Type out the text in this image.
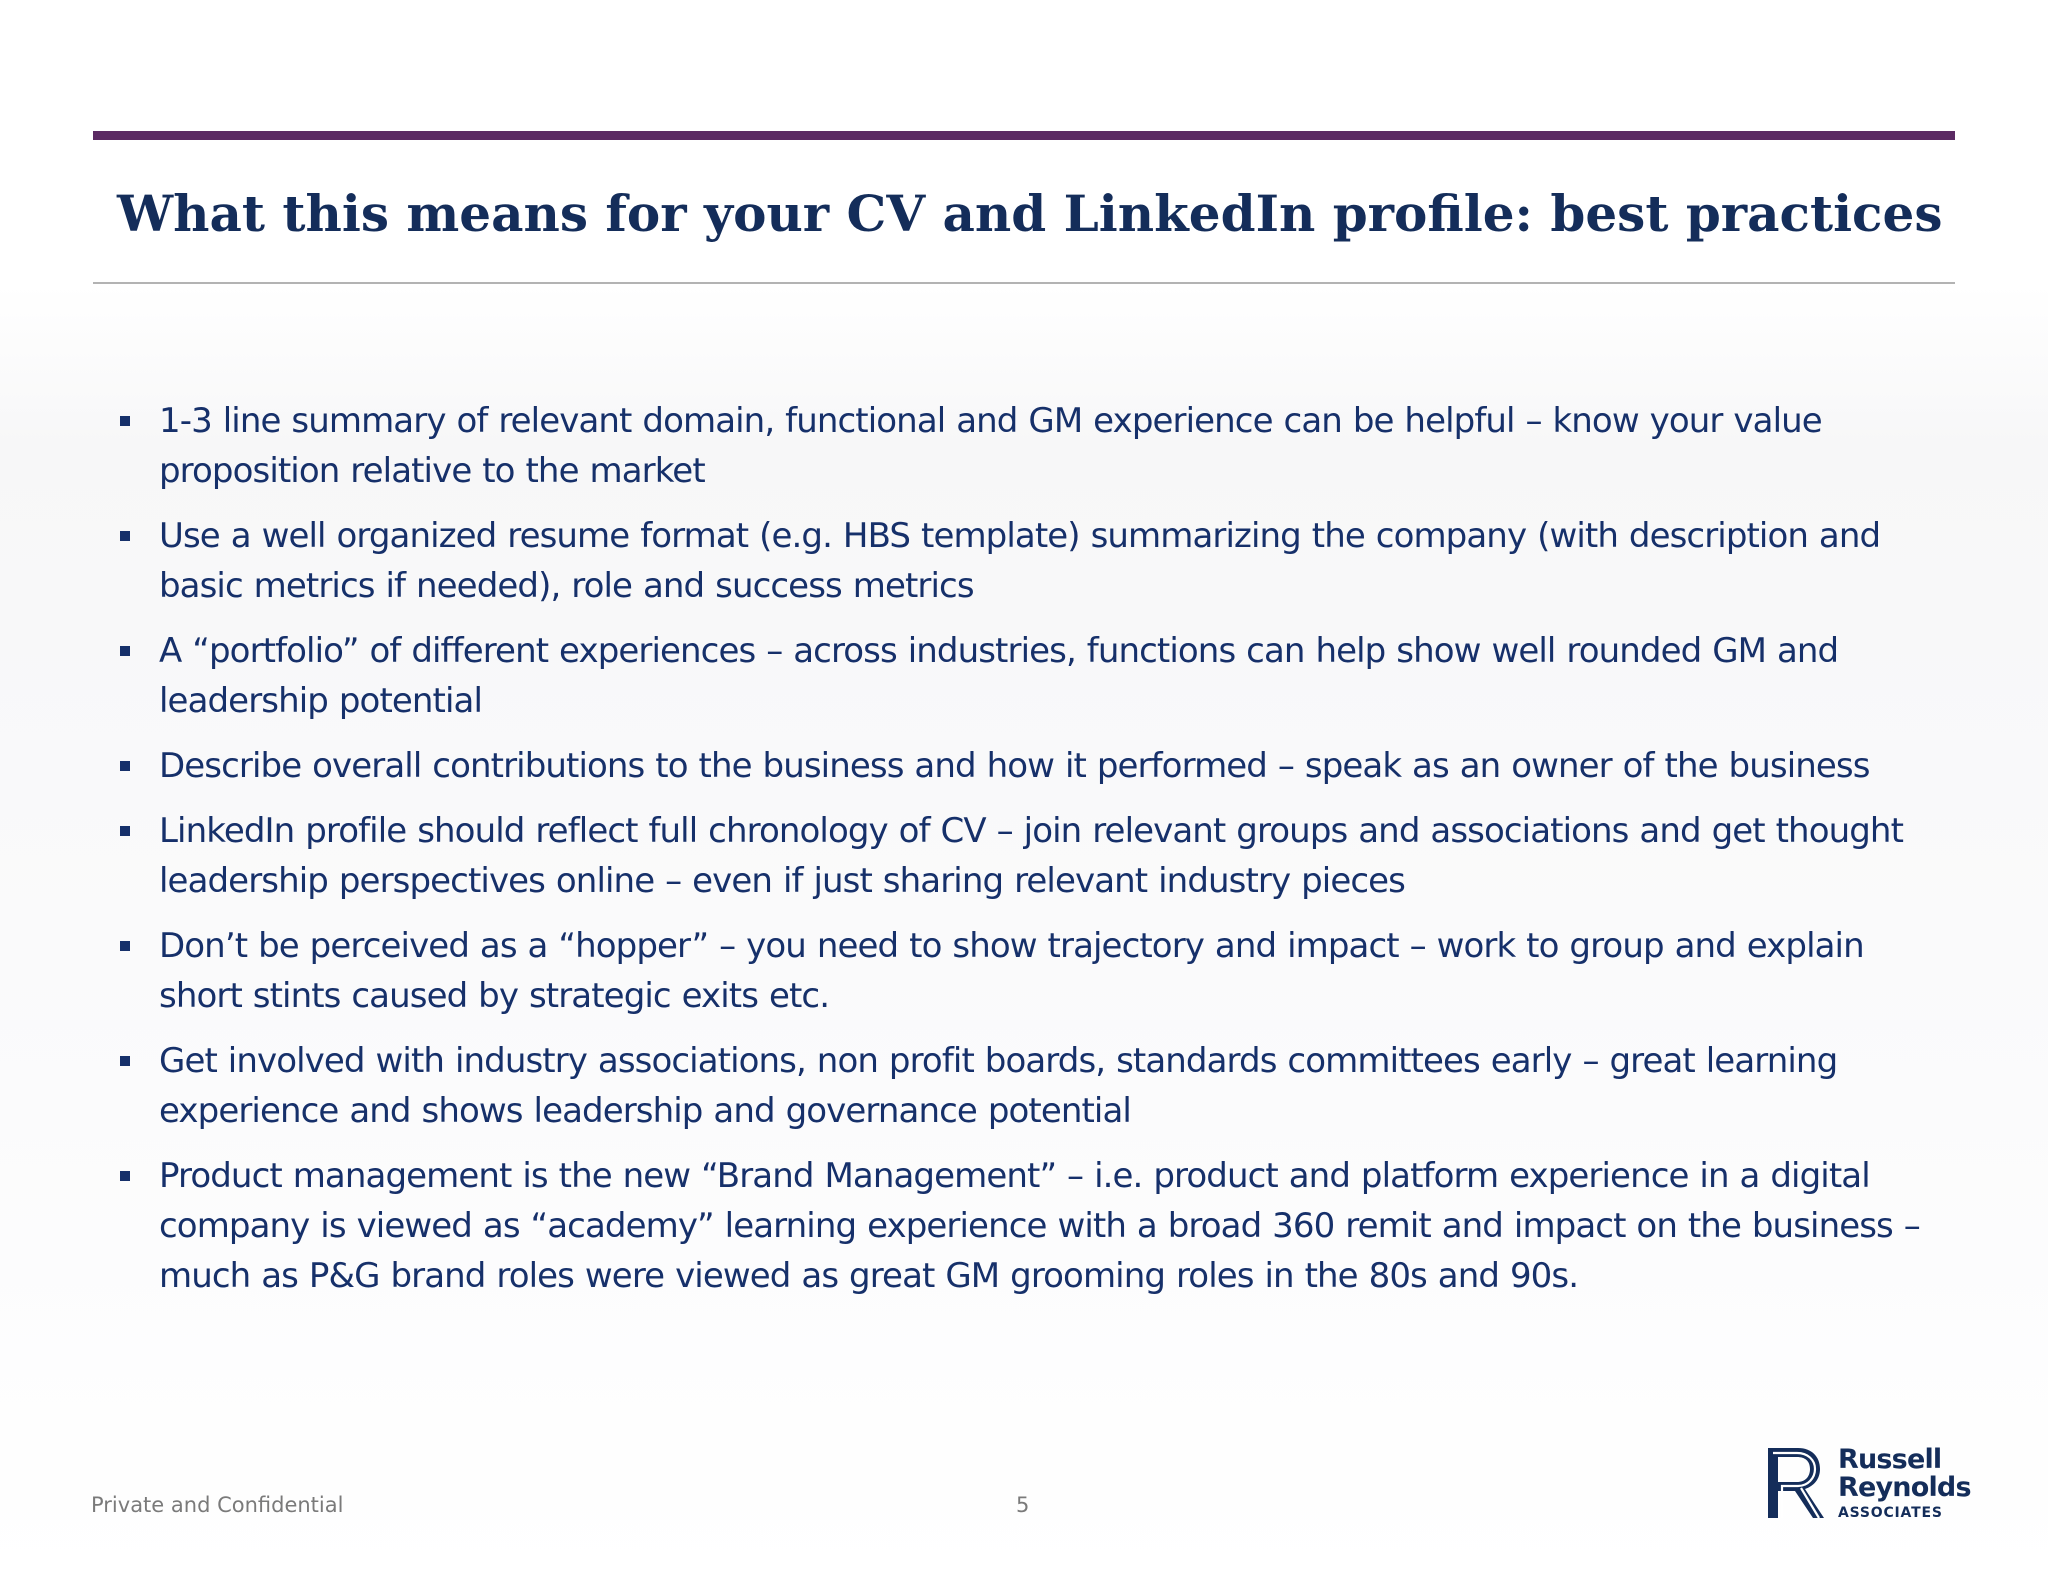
What this means for your CV and LinkedIn profile: best practices
1-3 line summary of relevant domain, functional and GM experience can be helpful – know your value proposition relative to the market
Use a well organized resume format (e.g. HBS template) summarizing the company (with description and basic metrics if needed), role and success metrics
A “portfolio” of different experiences – across industries, functions can help show well rounded GM and leadership potential
Describe overall contributions to the business and how it performed – speak as an owner of the business
LinkedIn profile should reflect full chronology of CV – join relevant groups and associations and get thought leadership perspectives online – even if just sharing relevant industry pieces
Don’t be perceived as a “hopper” – you need to show trajectory and impact – work to group and explain short stints caused by strategic exits etc.
Get involved with industry associations, non profit boards, standards committees early – great learning experience and shows leadership and governance potential
Product management is the new “Brand Management” – i.e. product and platform experience in a digital company is viewed as “academy” learning experience with a broad 360 remit and impact on the business – much as P&G brand roles were viewed as great GM grooming roles in the 80s and 90s.
Private and Confidential	5
Russell
Reynolds
ASSOCIATES
